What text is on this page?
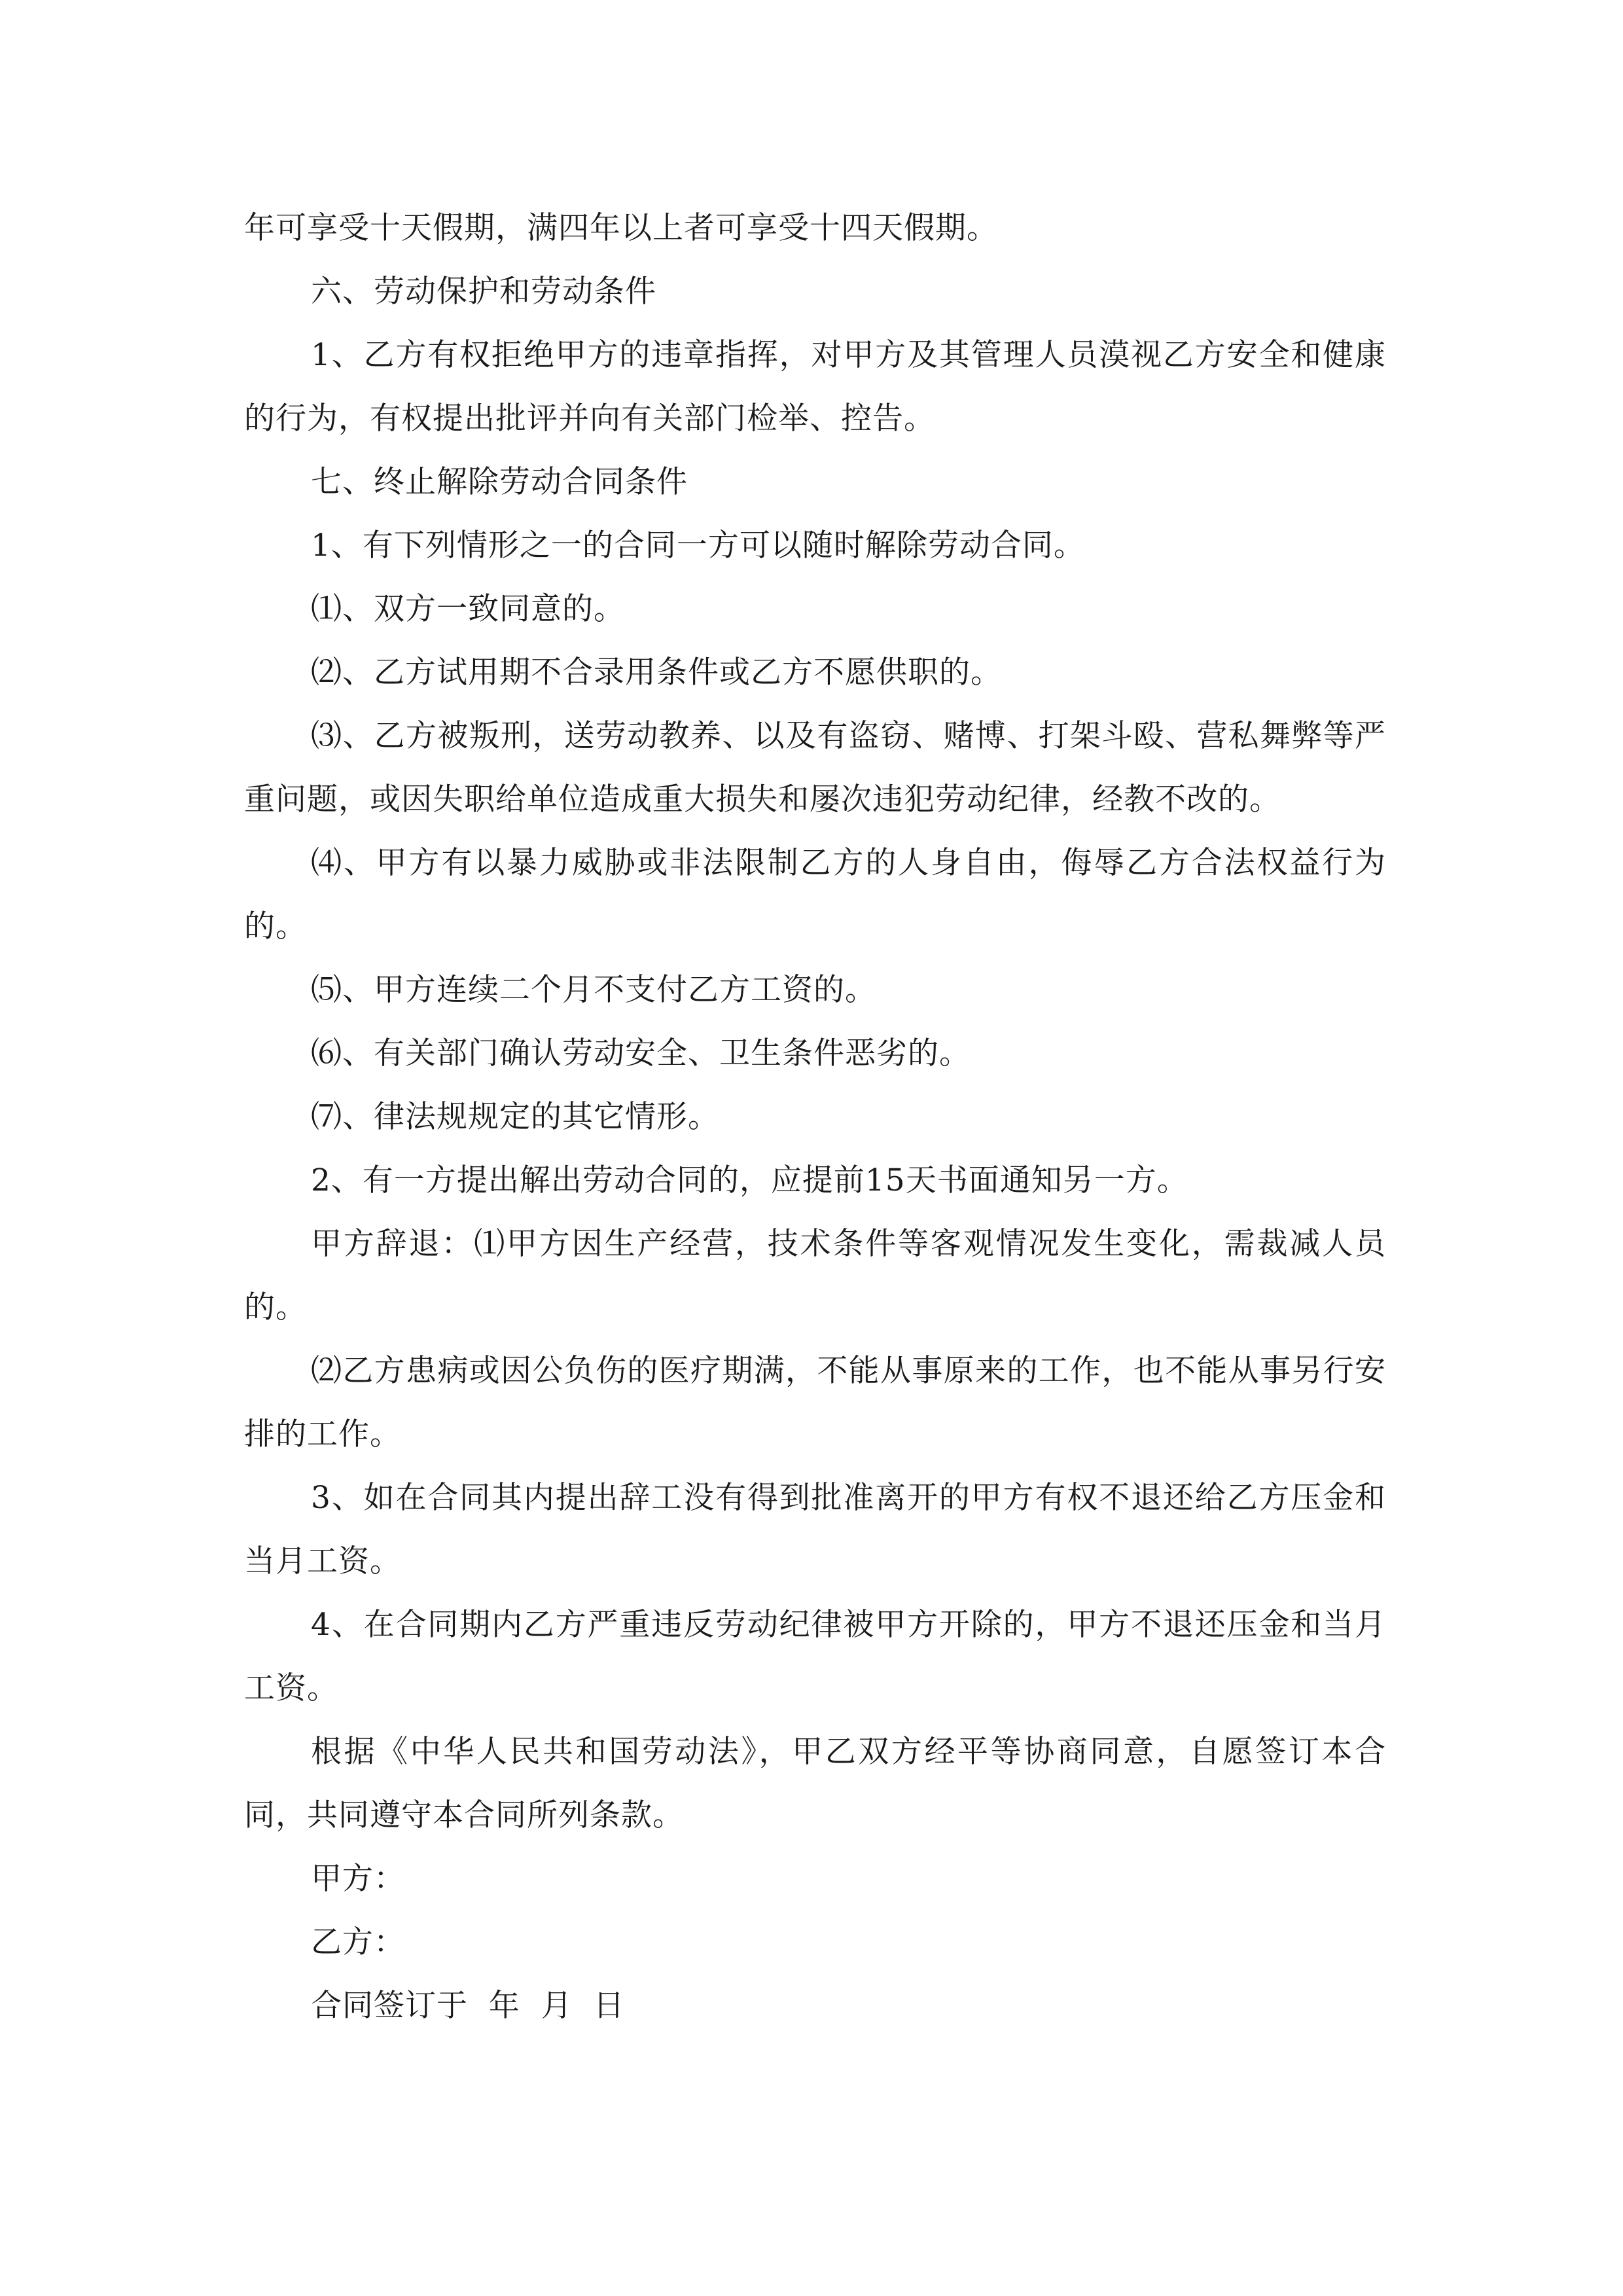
年可享受十天假期，满四年以上者可享受十四天假期。

六、劳动保护和劳动条件

1、乙方有权拒绝甲方的违章指挥，对甲方及其管理人员漠视乙方安全和健康的行为，有权提出批评并向有关部门检举、控告。

七、终止解除劳动合同条件

1、有下列情形之一的合同一方可以随时解除劳动合同。

⑴、双方一致同意的。

⑵、乙方试用期不合录用条件或乙方不愿供职的。

⑶、乙方被叛刑，送劳动教养、以及有盗窃、赌博、打架斗殴、营私舞弊等严重问题，或因失职给单位造成重大损失和屡次违犯劳动纪律，经教不改的。

⑷、甲方有以暴力威胁或非法限制乙方的人身自由，侮辱乙方合法权益行为的。

⑸、甲方连续二个月不支付乙方工资的。

⑹、有关部门确认劳动安全、卫生条件恶劣的。

⑺、律法规规定的其它情形。

2、有一方提出解出劳动合同的，应提前15天书面通知另一方。

甲方辞退：⑴甲方因生产经营，技术条件等客观情况发生变化，需裁减人员的。

⑵乙方患病或因公负伤的医疗期满，不能从事原来的工作，也不能从事另行安排的工作。

3、如在合同其内提出辞工没有得到批准离开的甲方有权不退还给乙方压金和当月工资。

4、在合同期内乙方严重违反劳动纪律被甲方开除的，甲方不退还压金和当月工资。

根据《中华人民共和国劳动法》，甲乙双方经平等协商同意，自愿签订本合同，共同遵守本合同所列条款。

甲方：

乙方：

合同签订于  年  月  日
